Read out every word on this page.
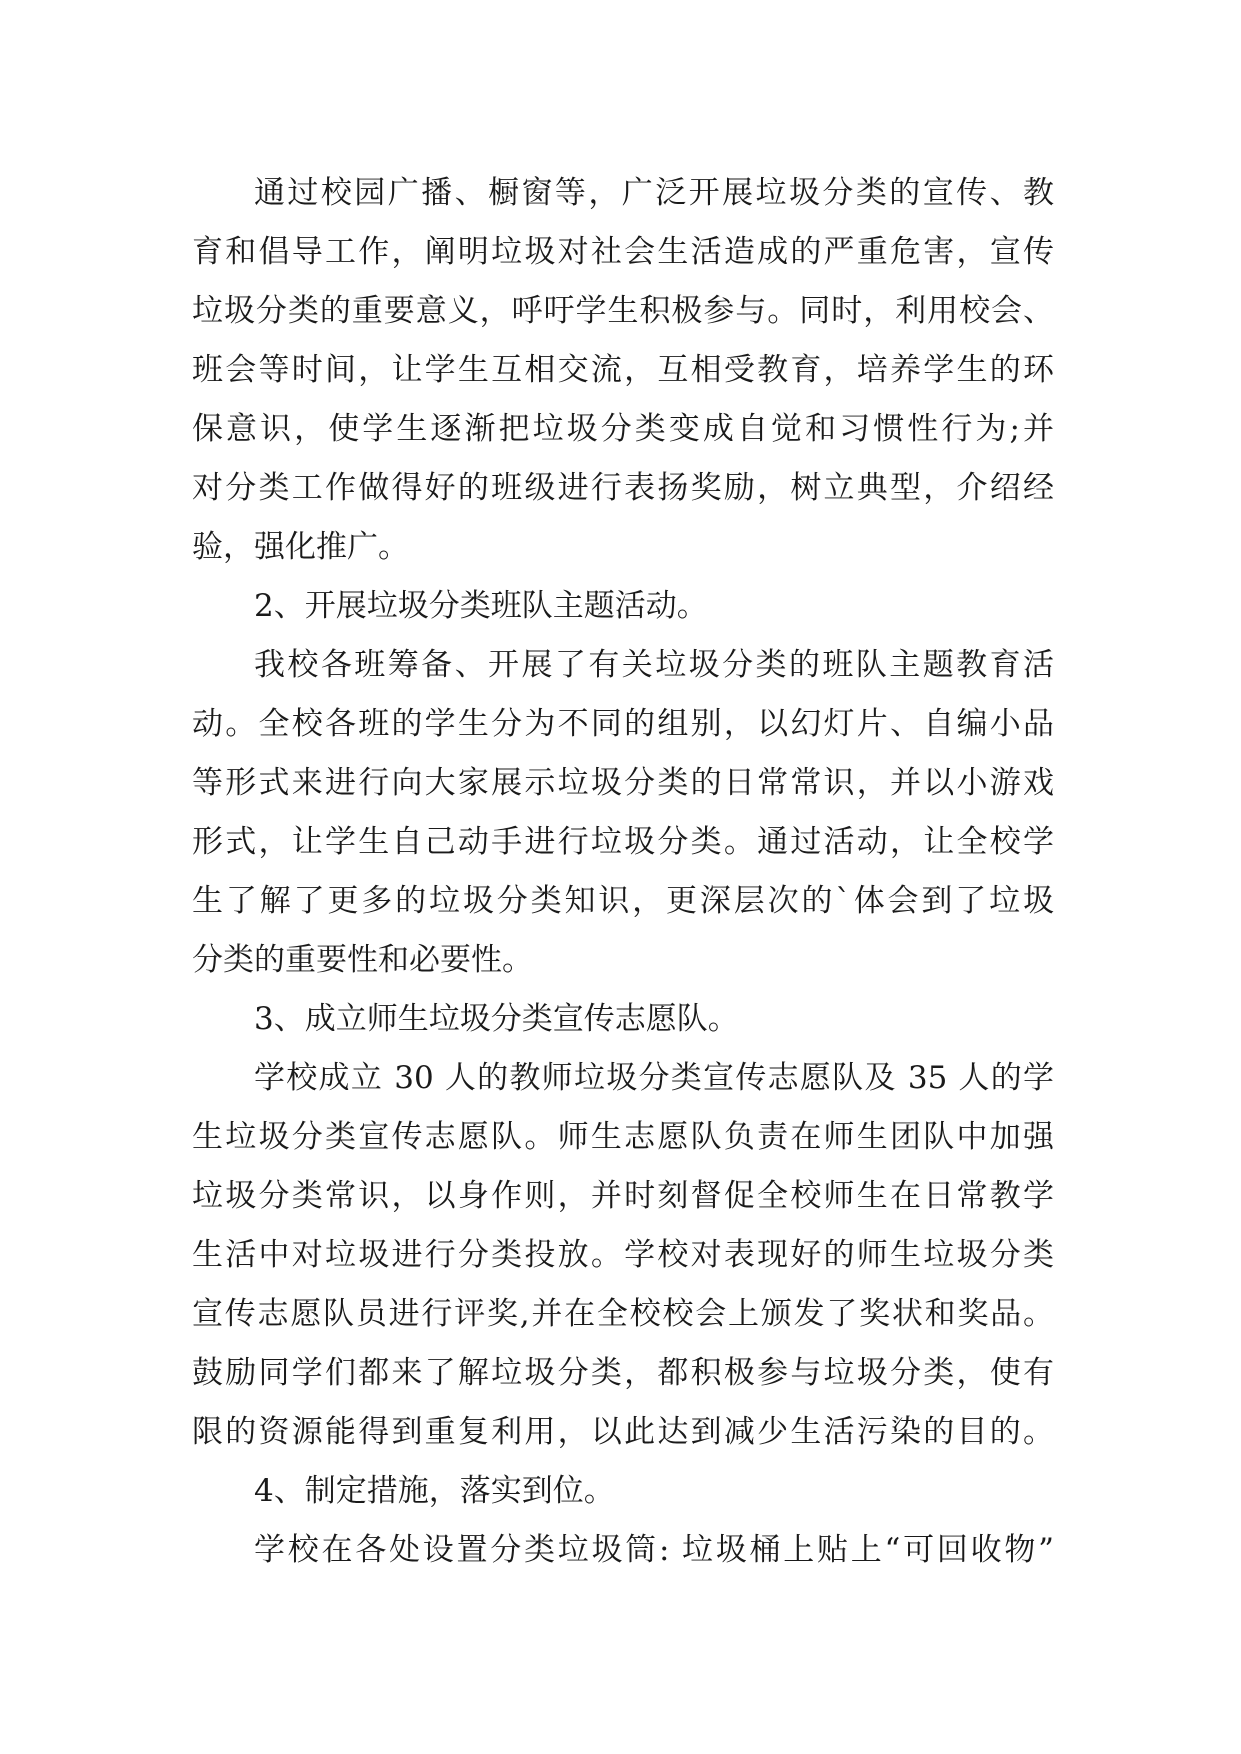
通过校园广播、橱窗等，广泛开展垃圾分类的宣传、教
育和倡导工作，阐明垃圾对社会生活造成的严重危害，宣传
垃圾分类的重要意义，呼吁学生积极参与。同时，利用校会、
班会等时间，让学生互相交流，互相受教育，培养学生的环
保意识，使学生逐渐把垃圾分类变成自觉和习惯性行为;并
对分类工作做得好的班级进行表扬奖励，树立典型，介绍经
验，强化推广。
2、开展垃圾分类班队主题活动。
我校各班筹备、开展了有关垃圾分类的班队主题教育活
动。全校各班的学生分为不同的组别，以幻灯片、自编小品
等形式来进行向大家展示垃圾分类的日常常识，并以小游戏
形式，让学生自己动手进行垃圾分类。通过活动，让全校学
生了解了更多的垃圾分类知识，更深层次的`体会到了垃圾
分类的重要性和必要性。
3、成立师生垃圾分类宣传志愿队。
学校成立 30 人的教师垃圾分类宣传志愿队及 35 人的学
生垃圾分类宣传志愿队。师生志愿队负责在师生团队中加强
垃圾分类常识，以身作则，并时刻督促全校师生在日常教学
生活中对垃圾进行分类投放。学校对表现好的师生垃圾分类
宣传志愿队员进行评奖,并在全校校会上颁发了奖状和奖品。
鼓励同学们都来了解垃圾分类，都积极参与垃圾分类，使有
限的资源能得到重复利用，以此达到减少生活污染的目的。
4、制定措施，落实到位。
学校在各处设置分类垃圾筒: 垃圾桶上贴上“可回收物”
